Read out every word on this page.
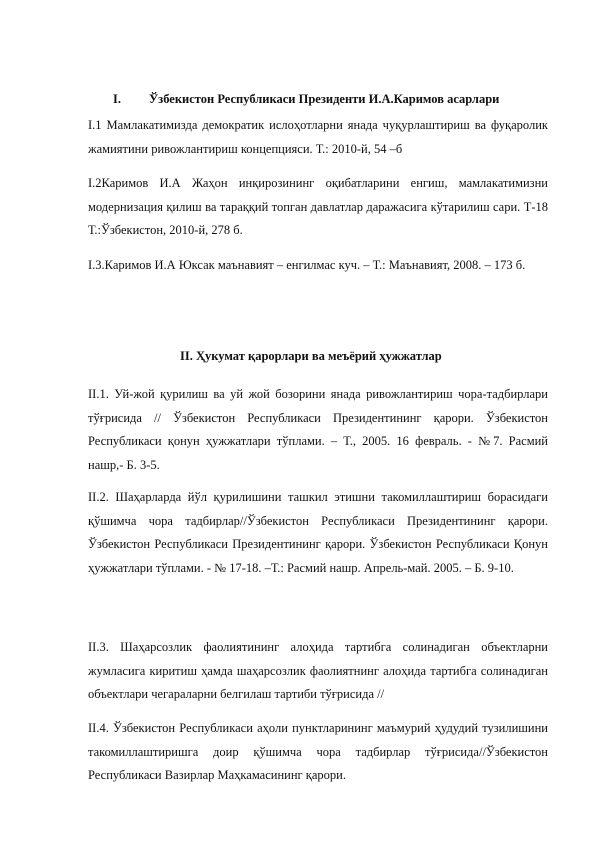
I. Ўзбекистон Республикаси Президенти И.А.Каримов асарлари
I.1 Мамлакатимизда демократик ислоҳотларни янада чуқурлаштириш ва фуқаролик жамиятини ривожлантириш концепцияси. Т.: 2010-й, 54 –б
I.2Каримов И.А Жаҳон инқирозининг оқибатларини енгиш, мамлакатимизни модернизация қилиш ва тараққий топган давлатлар даражасига кўтарилиш сари. Т-18 Т.:Ўзбекистон, 2010-й, 278 б.
I.3.Каримов И.А Юксак маънавият – енгилмас куч. – Т.: Маънавият, 2008. – 173 б.
II. Ҳукумат қарорлари ва меъёрий ҳужжатлар
II.1. Уй-жой қурилиш ва уй жой бозорини янада ривожлантириш чора-тадбирлари тўғрисида // Ўзбекистон Республикаси Президентининг қарори. Ўзбекистон Республикаси қонун ҳужжатлари тўплами. – Т., 2005. 16 февраль. - №7. Расмий нашр,- Б. 3-5.
II.2. Шаҳарларда йўл қурилишини ташкил этишни такомиллаштириш борасидаги қўшимча чора тадбирлар//Ўзбекистон Республикаси Президентининг қарори. Ўзбекистон Республикаси Президентининг қарори. Ўзбекистон Республикаси Қонун ҳужжатлари тўплами. - № 17-18. –Т.: Расмий нашр. Апрель-май. 2005. – Б. 9-10.
II.3. Шаҳарсозлик фаолиятининг алоҳида тартибга солинадиган объектларни жумласига киритиш ҳамда шаҳарсозлик фаолиятнинг алоҳида тартибга солинадиган объектлари чегараларни белгилаш тартиби тўғрисида //
II.4. Ўзбекистон Республикаси аҳоли пунктларининг маъмурий ҳудудий тузилишини такомиллаштиришга доир қўшимча чора тадбирлар тўғрисида//Ўзбекистон Республикаси Вазирлар Маҳкамасининг қарори.
